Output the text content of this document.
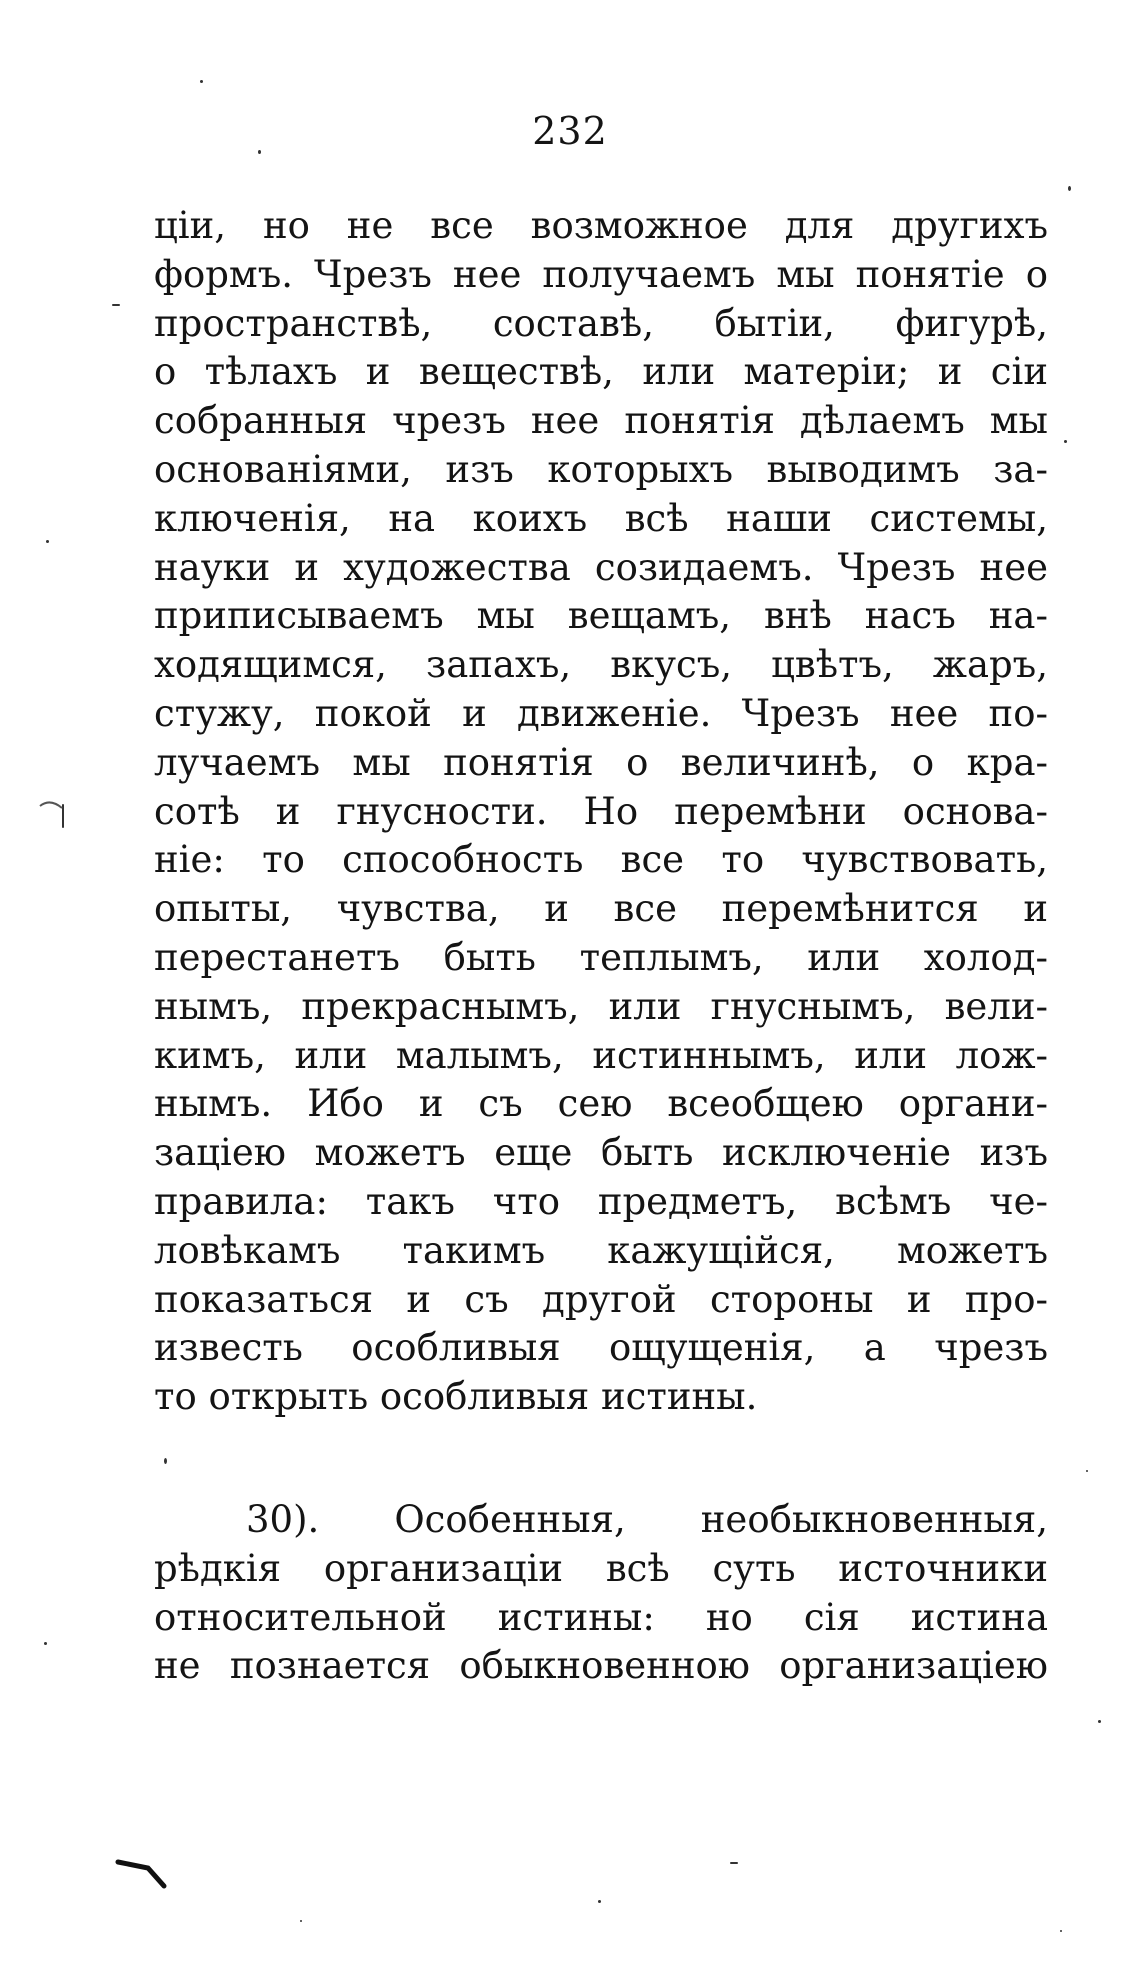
232
ціи, но не все возможное для другихъ
формъ. Чрезъ нее получаемъ мы понятіе о
пространствѣ, составѣ, бытіи, фигурѣ,
о тѣлахъ и веществѣ, или матеріи; и сіи
собранныя чрезъ нее понятія дѣлаемъ мы
основаніями, изъ которыхъ выводимъ за-
ключенія, на коихъ всѣ наши системы,
науки и художества созидаемъ. Чрезъ нее
приписываемъ мы вещамъ, внѣ насъ на-
ходящимся, запахъ, вкусъ, цвѣтъ, жаръ,
стужу, покой и движеніе. Чрезъ нее по-
лучаемъ мы понятія о величинѣ, о кра-
сотѣ и гнусности. Но перемѣни основа-
ніе: то способность все то чувствовать,
опыты, чувства, и все перемѣнится и
перестанетъ быть теплымъ, или холод-
нымъ, прекраснымъ, или гнуснымъ, вели-
кимъ, или малымъ, истиннымъ, или лож-
нымъ. Ибо и съ сею всеобщею органи-
заціею можетъ еще быть исключеніе изъ
правила: такъ что предметъ, всѣмъ че-
ловѣкамъ такимъ кажущійся, можетъ
показаться и съ другой стороны и про-
известь особливыя ощущенія, а чрезъ
то открыть особливыя истины.
30). Особенныя, необыкновенныя,
рѣдкія организаціи всѣ суть источники
относительной истины: но сія истина
не познается обыкновенною организаціею
